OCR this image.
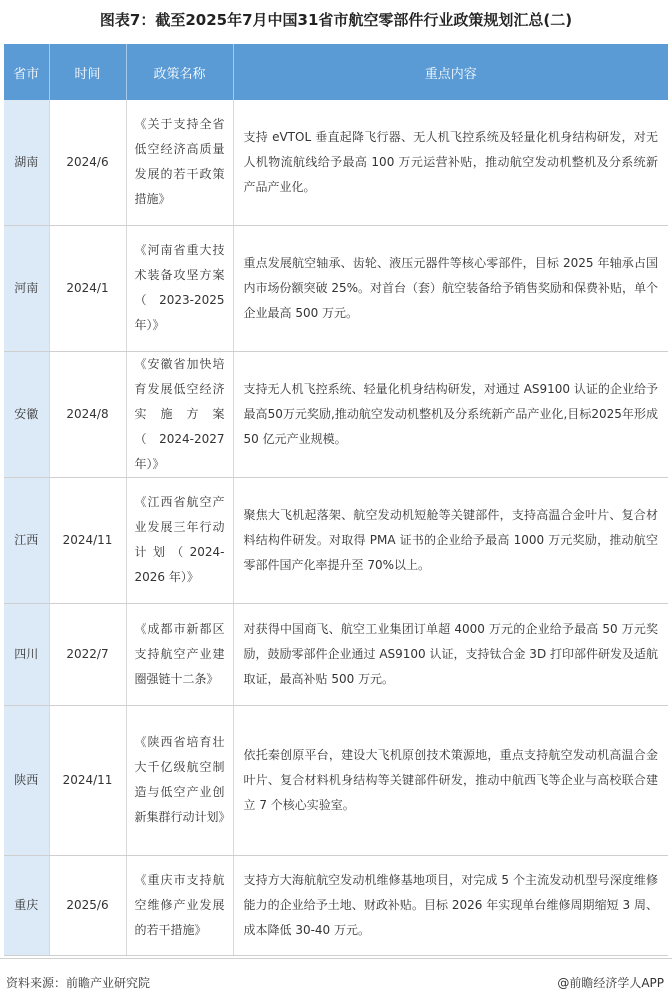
图表7：截至2025年7月中国31省市航空零部件行业政策规划汇总(二)
省市	时间	政策名称	重点内容
湖南	2024/6	《关于支持全省低空经济高质量发展的若干政策措施》	支持 eVTOL 垂直起降飞行器、无人机飞控系统及轻量化机身结构研发，对无人机物流航线给予最高 100 万元运营补贴，推动航空发动机整机及分系统新产品产业化。
河南	2024/1	《河南省重大技术装备攻坚方案（2023-2025年）》	重点发展航空轴承、齿轮、液压元器件等核心零部件，目标 2025 年轴承占国内市场份额突破 25%。对首台（套）航空装备给予销售奖励和保费补贴，单个企业最高 500 万元。
安徽	2024/8	《安徽省加快培育发展低空经济实施方案（2024-2027 年）》	支持无人机飞控系统、轻量化机身结构研发，对通过 AS9100 认证的企业给予最高50万元奖励,推动航空发动机整机及分系统新产品产业化,目标2025年形成 50 亿元产业规模。
江西	2024/11	《江西省航空产业发展三年行动计划（2024-2026 年）》	聚焦大飞机起落架、航空发动机短舱等关键部件，支持高温合金叶片、复合材料结构件研发。对取得 PMA 证书的企业给予最高 1000 万元奖励，推动航空零部件国产化率提升至 70%以上。
四川	2022/7	《成都市新都区支持航空产业建圈强链十二条》	对获得中国商飞、航空工业集团订单超 4000 万元的企业给予最高 50 万元奖励，鼓励零部件企业通过 AS9100 认证，支持钛合金 3D 打印部件研发及适航取证，最高补贴 500 万元。
陕西	2024/11	《陕西省培育壮大千亿级航空制造与低空产业创新集群行动计划》	依托秦创原平台，建设大飞机原创技术策源地，重点支持航空发动机高温合金叶片、复合材料机身结构等关键部件研发，推动中航西飞等企业与高校联合建立 7 个核心实验室。
重庆	2025/6	《重庆市支持航空维修产业发展的若干措施》	支持方大海航航空发动机维修基地项目，对完成 5 个主流发动机型号深度维修能力的企业给予土地、财政补贴。目标 2026 年实现单台维修周期缩短 3 周、成本降低 30-40 万元。
资料来源：前瞻产业研究院	@前瞻经济学人APP
